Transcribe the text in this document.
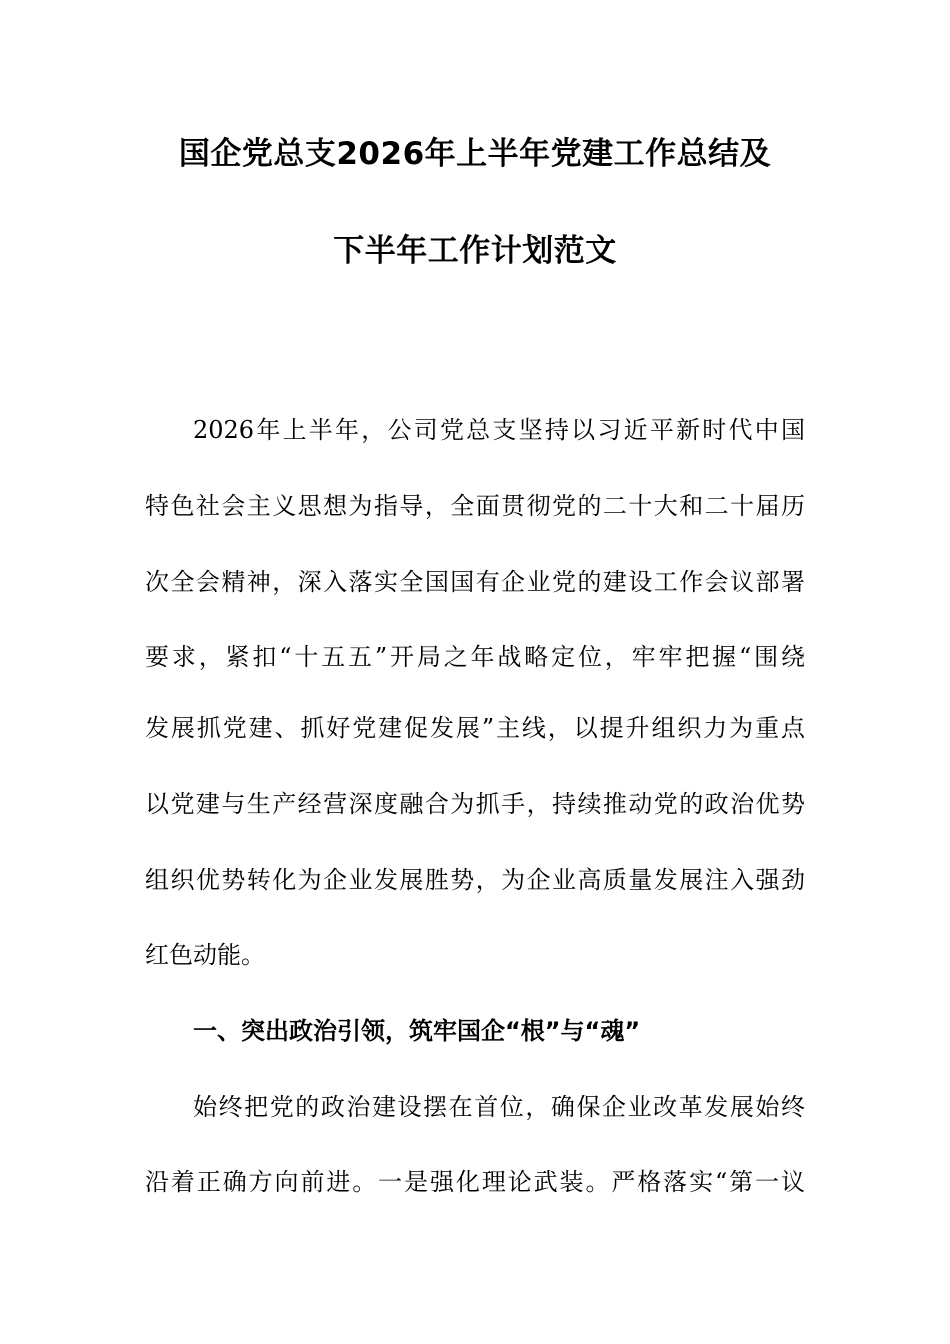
国企党总支2026年上半年党建工作总结及
下半年工作计划范文
2026年上半年，公司党总支坚持以习近平新时代中国
特色社会主义思想为指导，全面贯彻党的二十大和二十届历
次全会精神，深入落实全国国有企业党的建设工作会议部署
要求，紧扣“十五五”开局之年战略定位，牢牢把握“围绕
发展抓党建、抓好党建促发展”主线，以提升组织力为重点
以党建与生产经营深度融合为抓手，持续推动党的政治优势
组织优势转化为企业发展胜势，为企业高质量发展注入强劲
红色动能。
一、突出政治引领，筑牢国企“根”与“魂”
始终把党的政治建设摆在首位，确保企业改革发展始终
沿着正确方向前进。一是强化理论武装。严格落实“第一议
